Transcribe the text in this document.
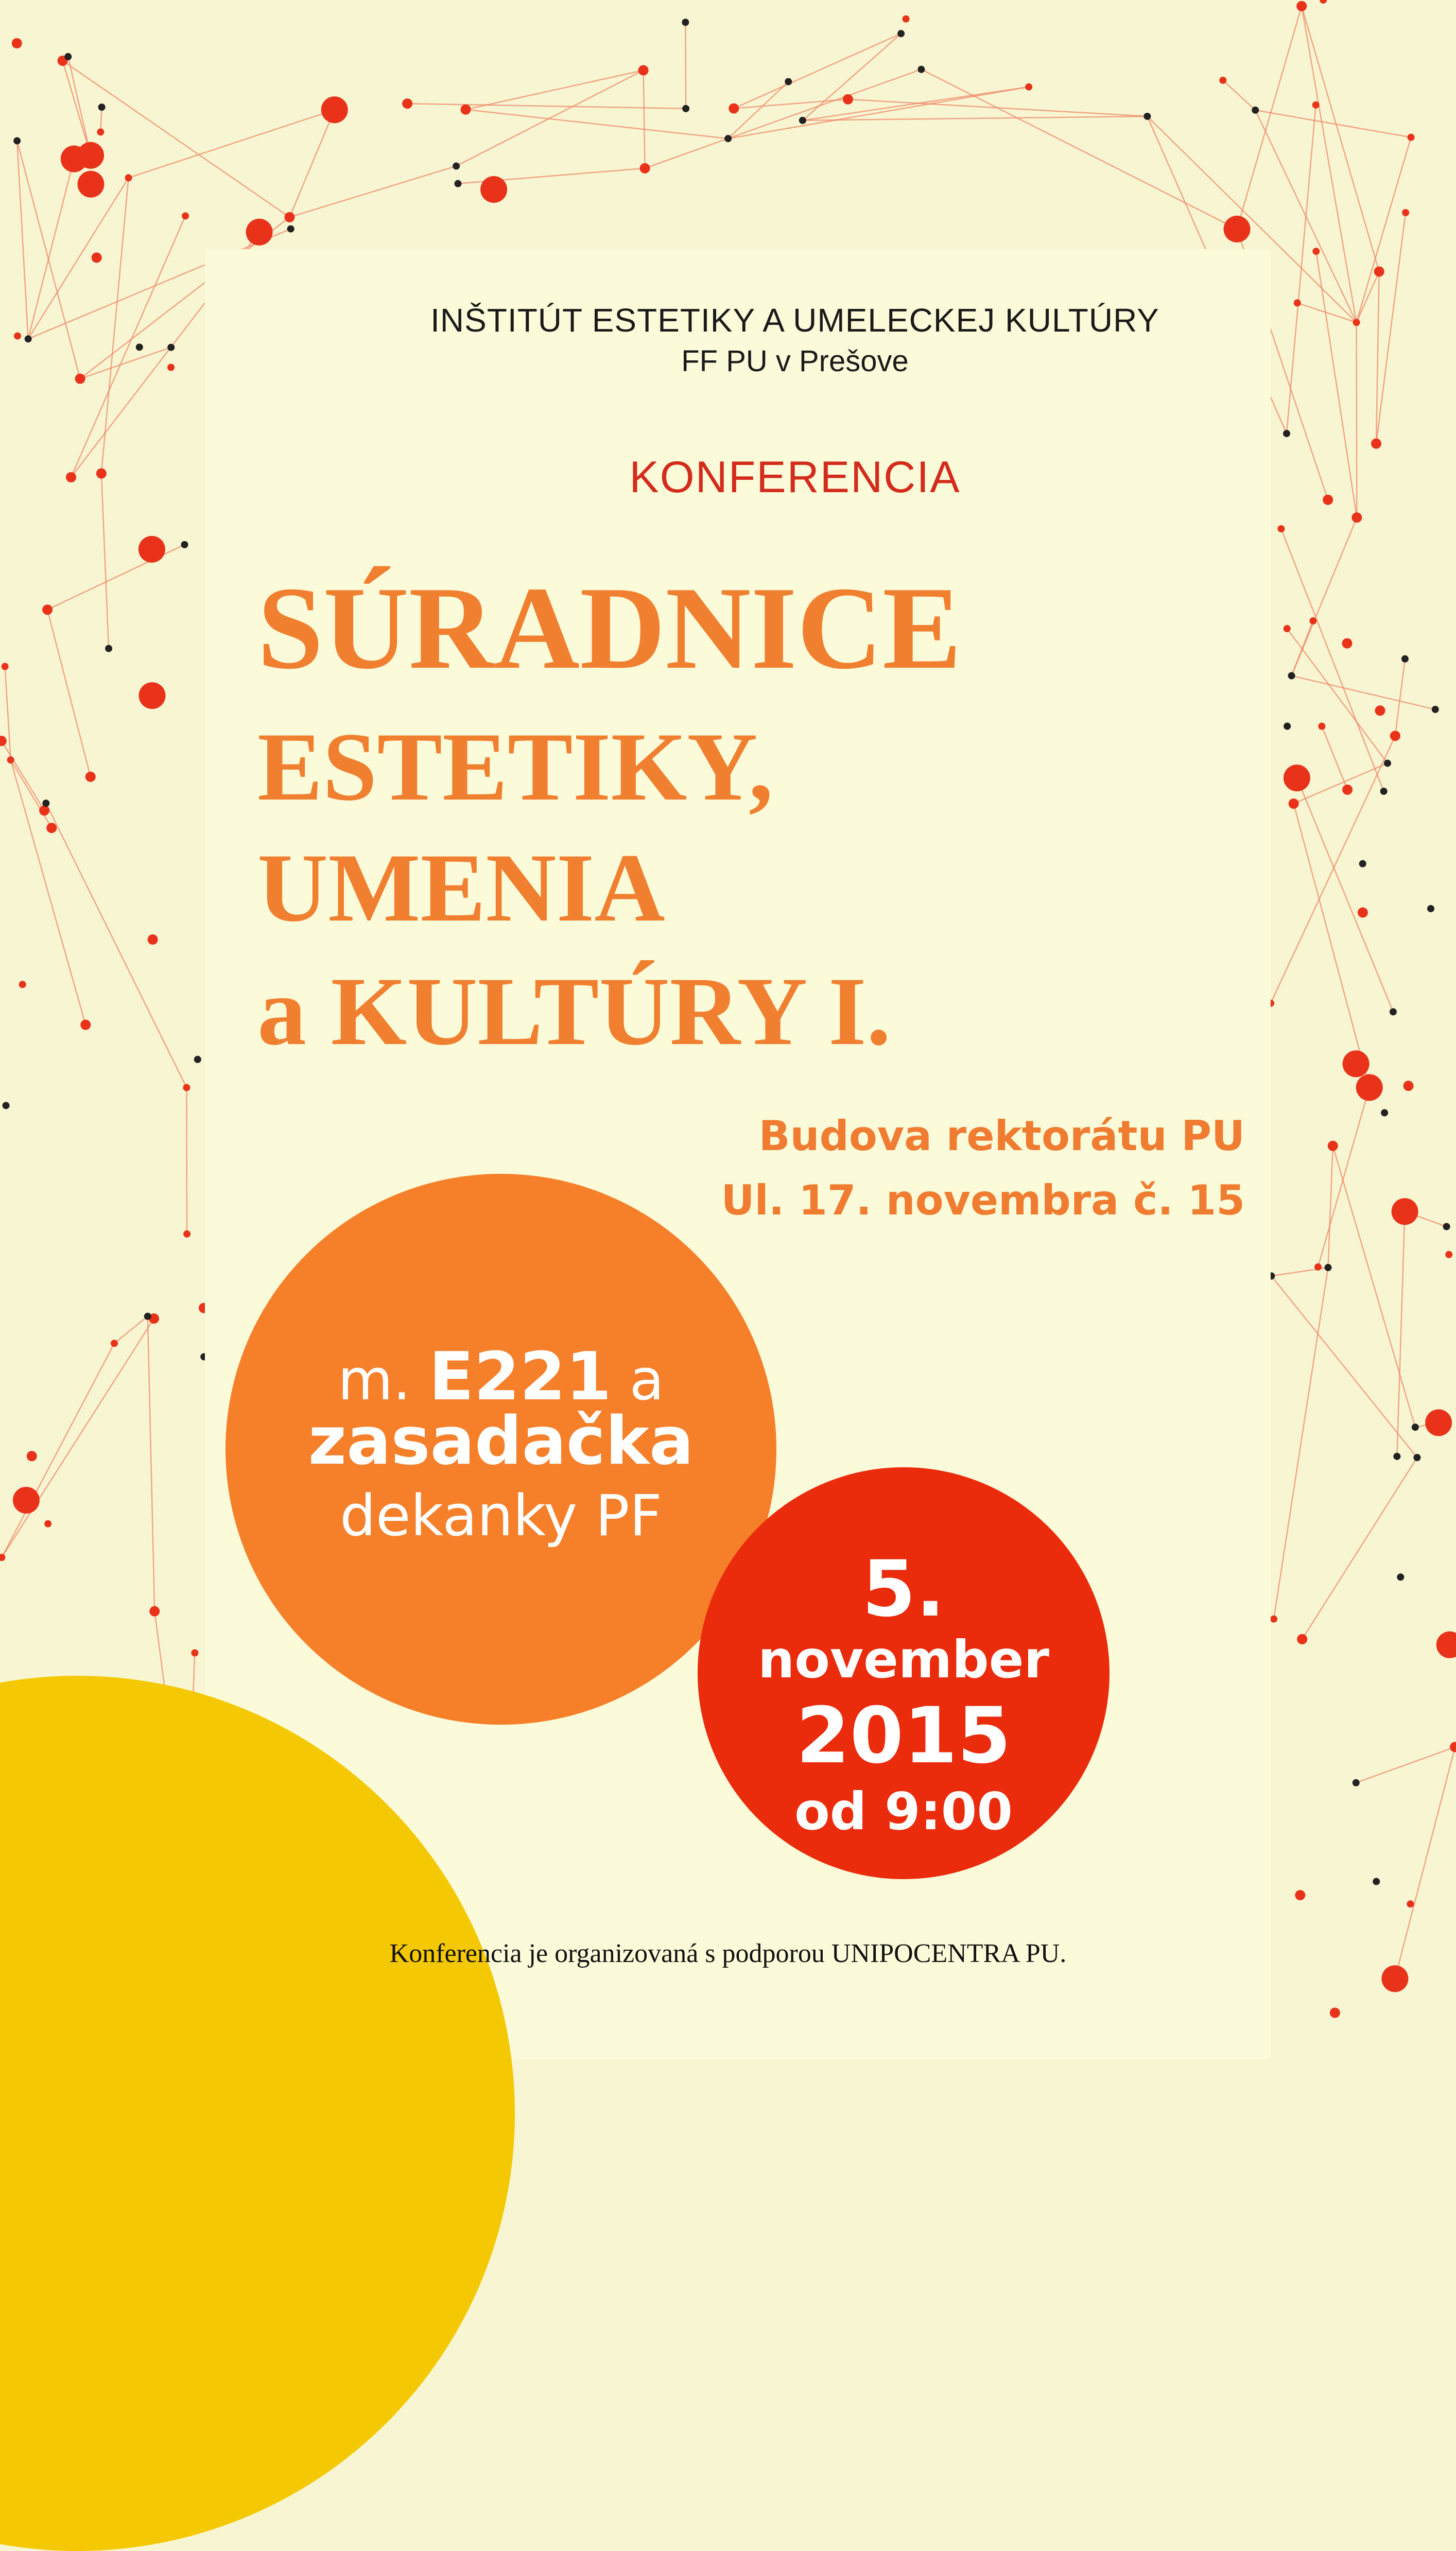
INŠTITÚT ESTETIKY A UMELECKEJ KULTÚRY

FF PU v Prešove

KONFERENCIA

SÚRADNICE
ESTETIKY,
UMENIA
a KULTÚRY I.

Budova rektorátu PU

Ul. 17. novembra č. 15

m. E221 a

zasadačka

dekanky PF

5.

november

2015

od 9:00

Konferencia je organizovaná s podporou UNIPOCENTRA PU.
